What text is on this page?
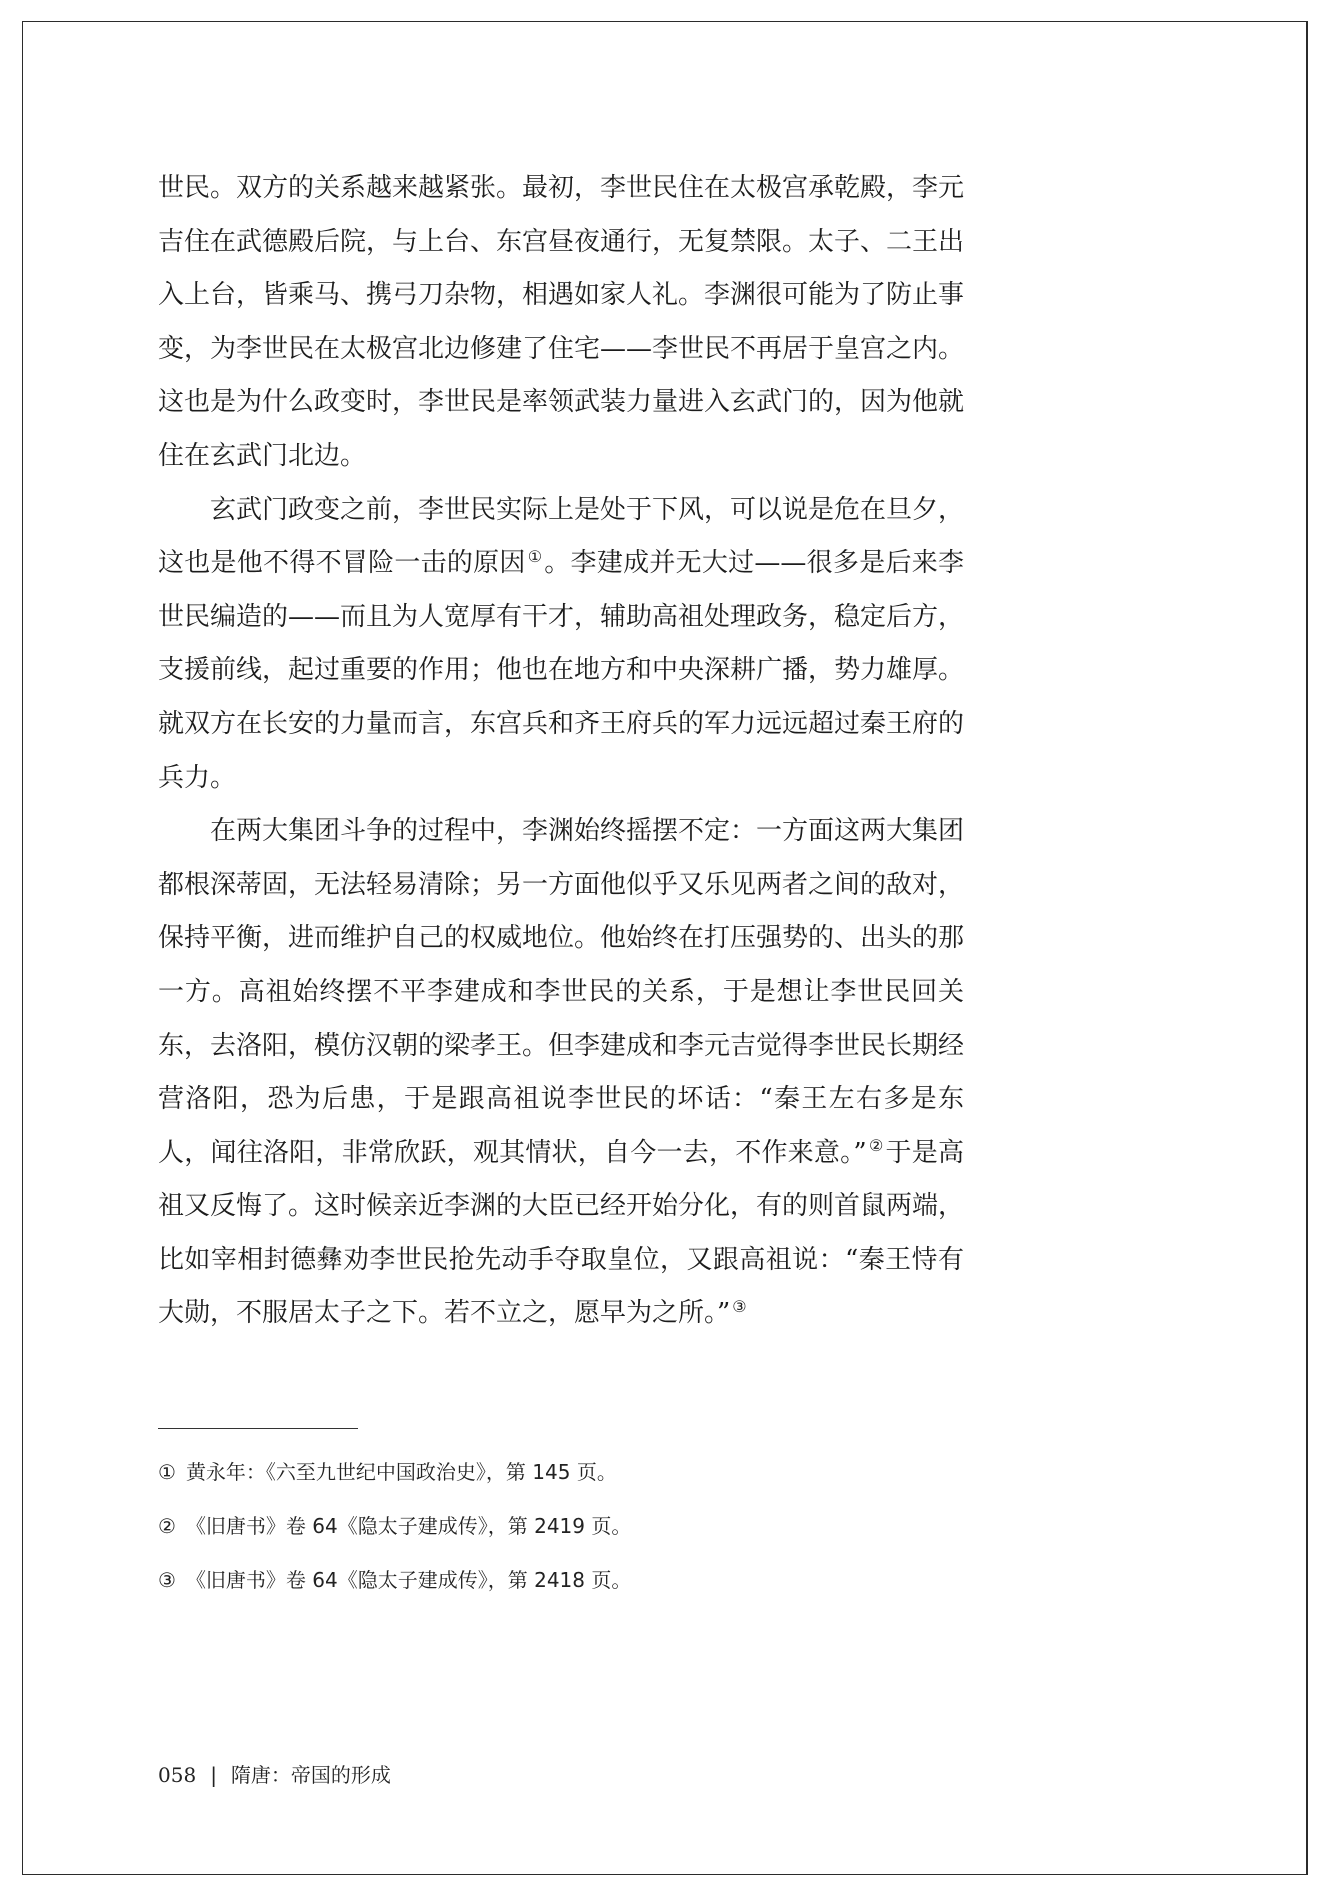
世民。双方的关系越来越紧张。最初，李世民住在太极宫承乾殿，李元吉住在武德殿后院，与上台、东宫昼夜通行，无复禁限。太子、二王出入上台，皆乘马、携弓刀杂物，相遇如家人礼。李渊很可能为了防止事变，为李世民在太极宫北边修建了住宅——李世民不再居于皇宫之内。这也是为什么政变时，李世民是率领武装力量进入玄武门的，因为他就住在玄武门北边。

玄武门政变之前，李世民实际上是处于下风，可以说是危在旦夕，这也是他不得不冒险一击的原因 ①。李建成并无大过——很多是后来李世民编造的——而且为人宽厚有干才，辅助高祖处理政务，稳定后方，支援前线，起过重要的作用；他也在地方和中央深耕广播，势力雄厚。就双方在长安的力量而言，东宫兵和齐王府兵的军力远远超过秦王府的兵力。

在两大集团斗争的过程中，李渊始终摇摆不定：一方面这两大集团都根深蒂固，无法轻易清除；另一方面他似乎又乐见两者之间的敌对，保持平衡，进而维护自己的权威地位。他始终在打压强势的、出头的那一方。高祖始终摆不平李建成和李世民的关系，于是想让李世民回关东，去洛阳，模仿汉朝的梁孝王。但李建成和李元吉觉得李世民长期经营洛阳，恐为后患，于是跟高祖说李世民的坏话：“秦王左右多是东人，闻往洛阳，非常欣跃，观其情状，自今一去，不作来意。” ②于是高祖又反悔了。这时候亲近李渊的大臣已经开始分化，有的则首鼠两端，比如宰相封德彝劝李世民抢先动手夺取皇位，又跟高祖说：“秦王恃有大勋，不服居太子之下。若不立之，愿早为之所。” ③

① 黄永年：《六至九世纪中国政治史》，第 145 页。
② 《旧唐书》卷 64《隐太子建成传》，第 2419 页。
③ 《旧唐书》卷 64《隐太子建成传》，第 2418 页。
058 | 隋唐：帝国的形成
